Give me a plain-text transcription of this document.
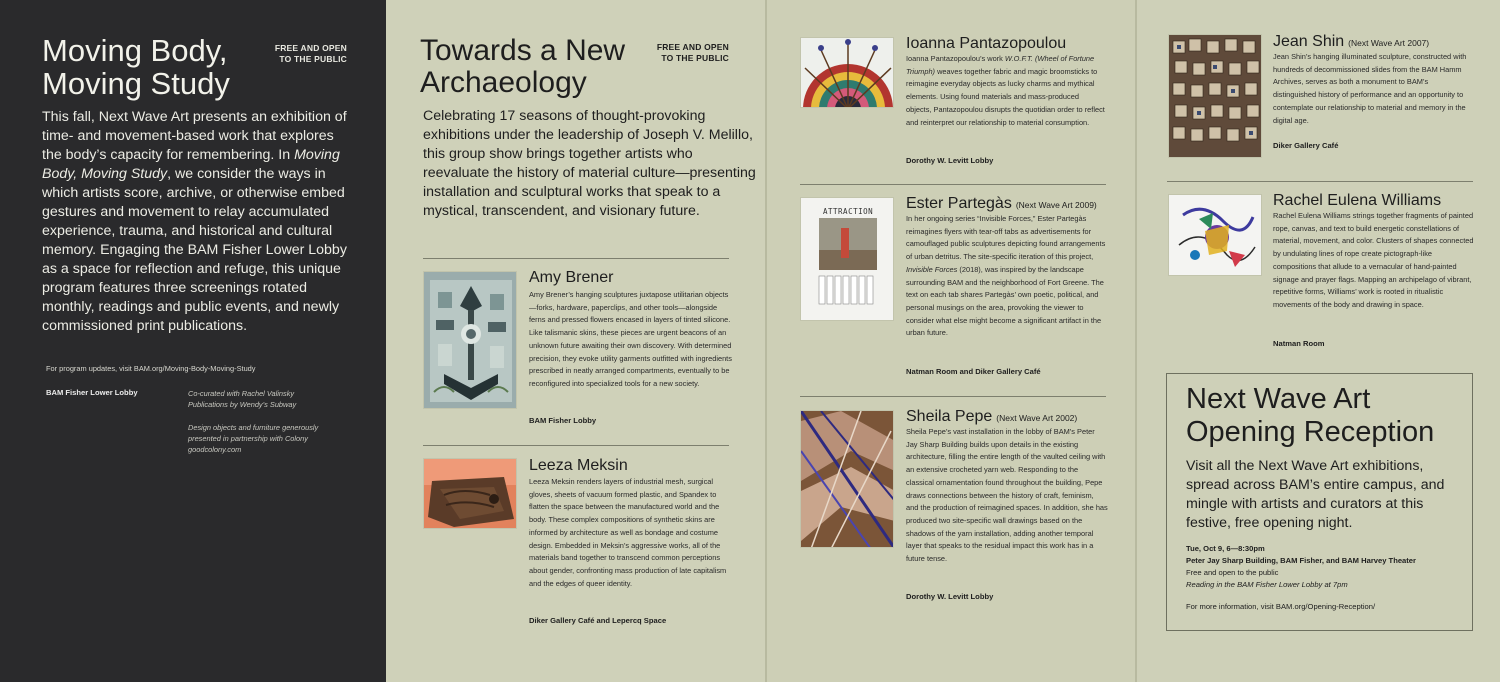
Moving Body,
Moving Study
FREE AND OPEN
TO THE PUBLIC

This fall, Next Wave Art presents an exhibition of time- and movement-based work that explores the body’s capacity for remembering. In Moving Body, Moving Study, we consider the ways in which artists score, archive, or otherwise embed gestures and movement to relay accumulated experience, trauma, and historical and cultural memory. Engaging the BAM Fisher Lower Lobby as a space for reflection and refuge, this unique program features three screenings rotated monthly, readings and public events, and newly commissioned print publications.

For program updates, visit BAM.org/Moving-Body-Moving-Study
BAM Fisher Lower Lobby	Co-curated with Rachel Valinsky
Publications by Wendy’s Subway
Design objects and furniture generously
presented in partnership with Colony
goodcolony.com
Towards a New
Archaeology
FREE AND OPEN
TO THE PUBLIC

Celebrating 17 seasons of thought-provoking exhibitions under the leadership of Joseph V. Melillo, this group show brings together artists who reevaluate the history of material culture—presenting installation and sculptural works that speak to a mystical, transcendent, and visionary future.

Amy Brener

Amy Brener’s hanging sculptures juxtapose utilitarian objects—forks, hardware, paperclips, and other tools—alongside ferns and pressed flowers encased in layers of tinted silicone. Like talismanic skins, these pieces are urgent beacons of an unknown future awaiting their own discovery. With determined precision, they evoke utility garments outfitted with ingredients prescribed in neatly arranged compartments, eventually to be reconfigured into specialized tools for a new society.

BAM Fisher Lobby
Leeza Meksin

Leeza Meksin renders layers of industrial mesh, surgical gloves, sheets of vacuum formed plastic, and Spandex to flatten the space between the manufactured world and the body. These complex compositions of synthetic skins are informed by architecture as well as bondage and costume design. Embedded in Meksin’s aggressive works, all of the materials band together to transcend common perceptions about gender, confronting mass production of late capitalism and the edges of queer identity.

Diker Gallery Café and Lepercq Space
Ioanna Pantazopoulou

Ioanna Pantazopoulou’s work W.O.F.T. (Wheel of Fortune Triumph) weaves together fabric and magic broomsticks to reimagine everyday objects as lucky charms and mythical elements. Using found materials and mass-produced objects, Pantazopoulou disrupts the quotidian order to reflect and reinterpret our relationship to material consumption.

Dorothy W. Levitt Lobby
ATTRACTION Ester Partegàs (Next Wave Art 2009)

In her ongoing series “Invisible Forces,” Ester Partegàs reimagines flyers with tear-off tabs as advertisements for camouflaged public sculptures depicting found arrangements of urban detritus. The site-specific iteration of this project, Invisible Forces (2018), was inspired by the landscape surrounding BAM and the neighborhood of Fort Greene. The text on each tab shares Partegàs’ own poetic, political, and personal musings on the area, provoking the viewer to consider what else might become a significant artifact in the urban future.

Natman Room and Diker Gallery Café
Sheila Pepe (Next Wave Art 2002)

Sheila Pepe’s vast installation in the lobby of BAM’s Peter Jay Sharp Building builds upon details in the existing architecture, filling the entire length of the vaulted ceiling with an extensive crocheted yarn web. Responding to the classical ornamentation found throughout the building, Pepe draws connections between the history of craft, feminism, and the production of reimagined spaces. In addition, she has produced two site-specific wall drawings based on the shadows of the yarn installation, adding another temporal layer that speaks to the residual impact this work has in a future tense.

Dorothy W. Levitt Lobby
Jean Shin (Next Wave Art 2007)

Jean Shin’s hanging illuminated sculpture, constructed with hundreds of decommissioned slides from the BAM Hamm Archives, serves as both a monument to BAM’s distinguished history of performance and an opportunity to contemplate our relationship to material and memory in the digital age.

Diker Gallery Café
Rachel Eulena Williams

Rachel Eulena Williams strings together fragments of painted rope, canvas, and text to build energetic constellations of material, movement, and color. Clusters of shapes connected by undulating lines of rope create pictograph-like compositions that allude to a vernacular of hand-painted signage and prayer flags. Mapping an archipelago of vibrant, repetitive forms, Williams’ work is rooted in ritualistic movements of the body and drawing in space.

Natman Room
Next Wave Art
Opening Reception

Visit all the Next Wave Art exhibitions, spread across BAM’s entire campus, and mingle with artists and curators at this festive, free opening night.

Tue, Oct 9, 6—8:30pm
Peter Jay Sharp Building, BAM Fisher, and BAM Harvey Theater
Free and open to the public
Reading in the BAM Fisher Lower Lobby at 7pm
For more information, visit BAM.org/Opening-Reception/
